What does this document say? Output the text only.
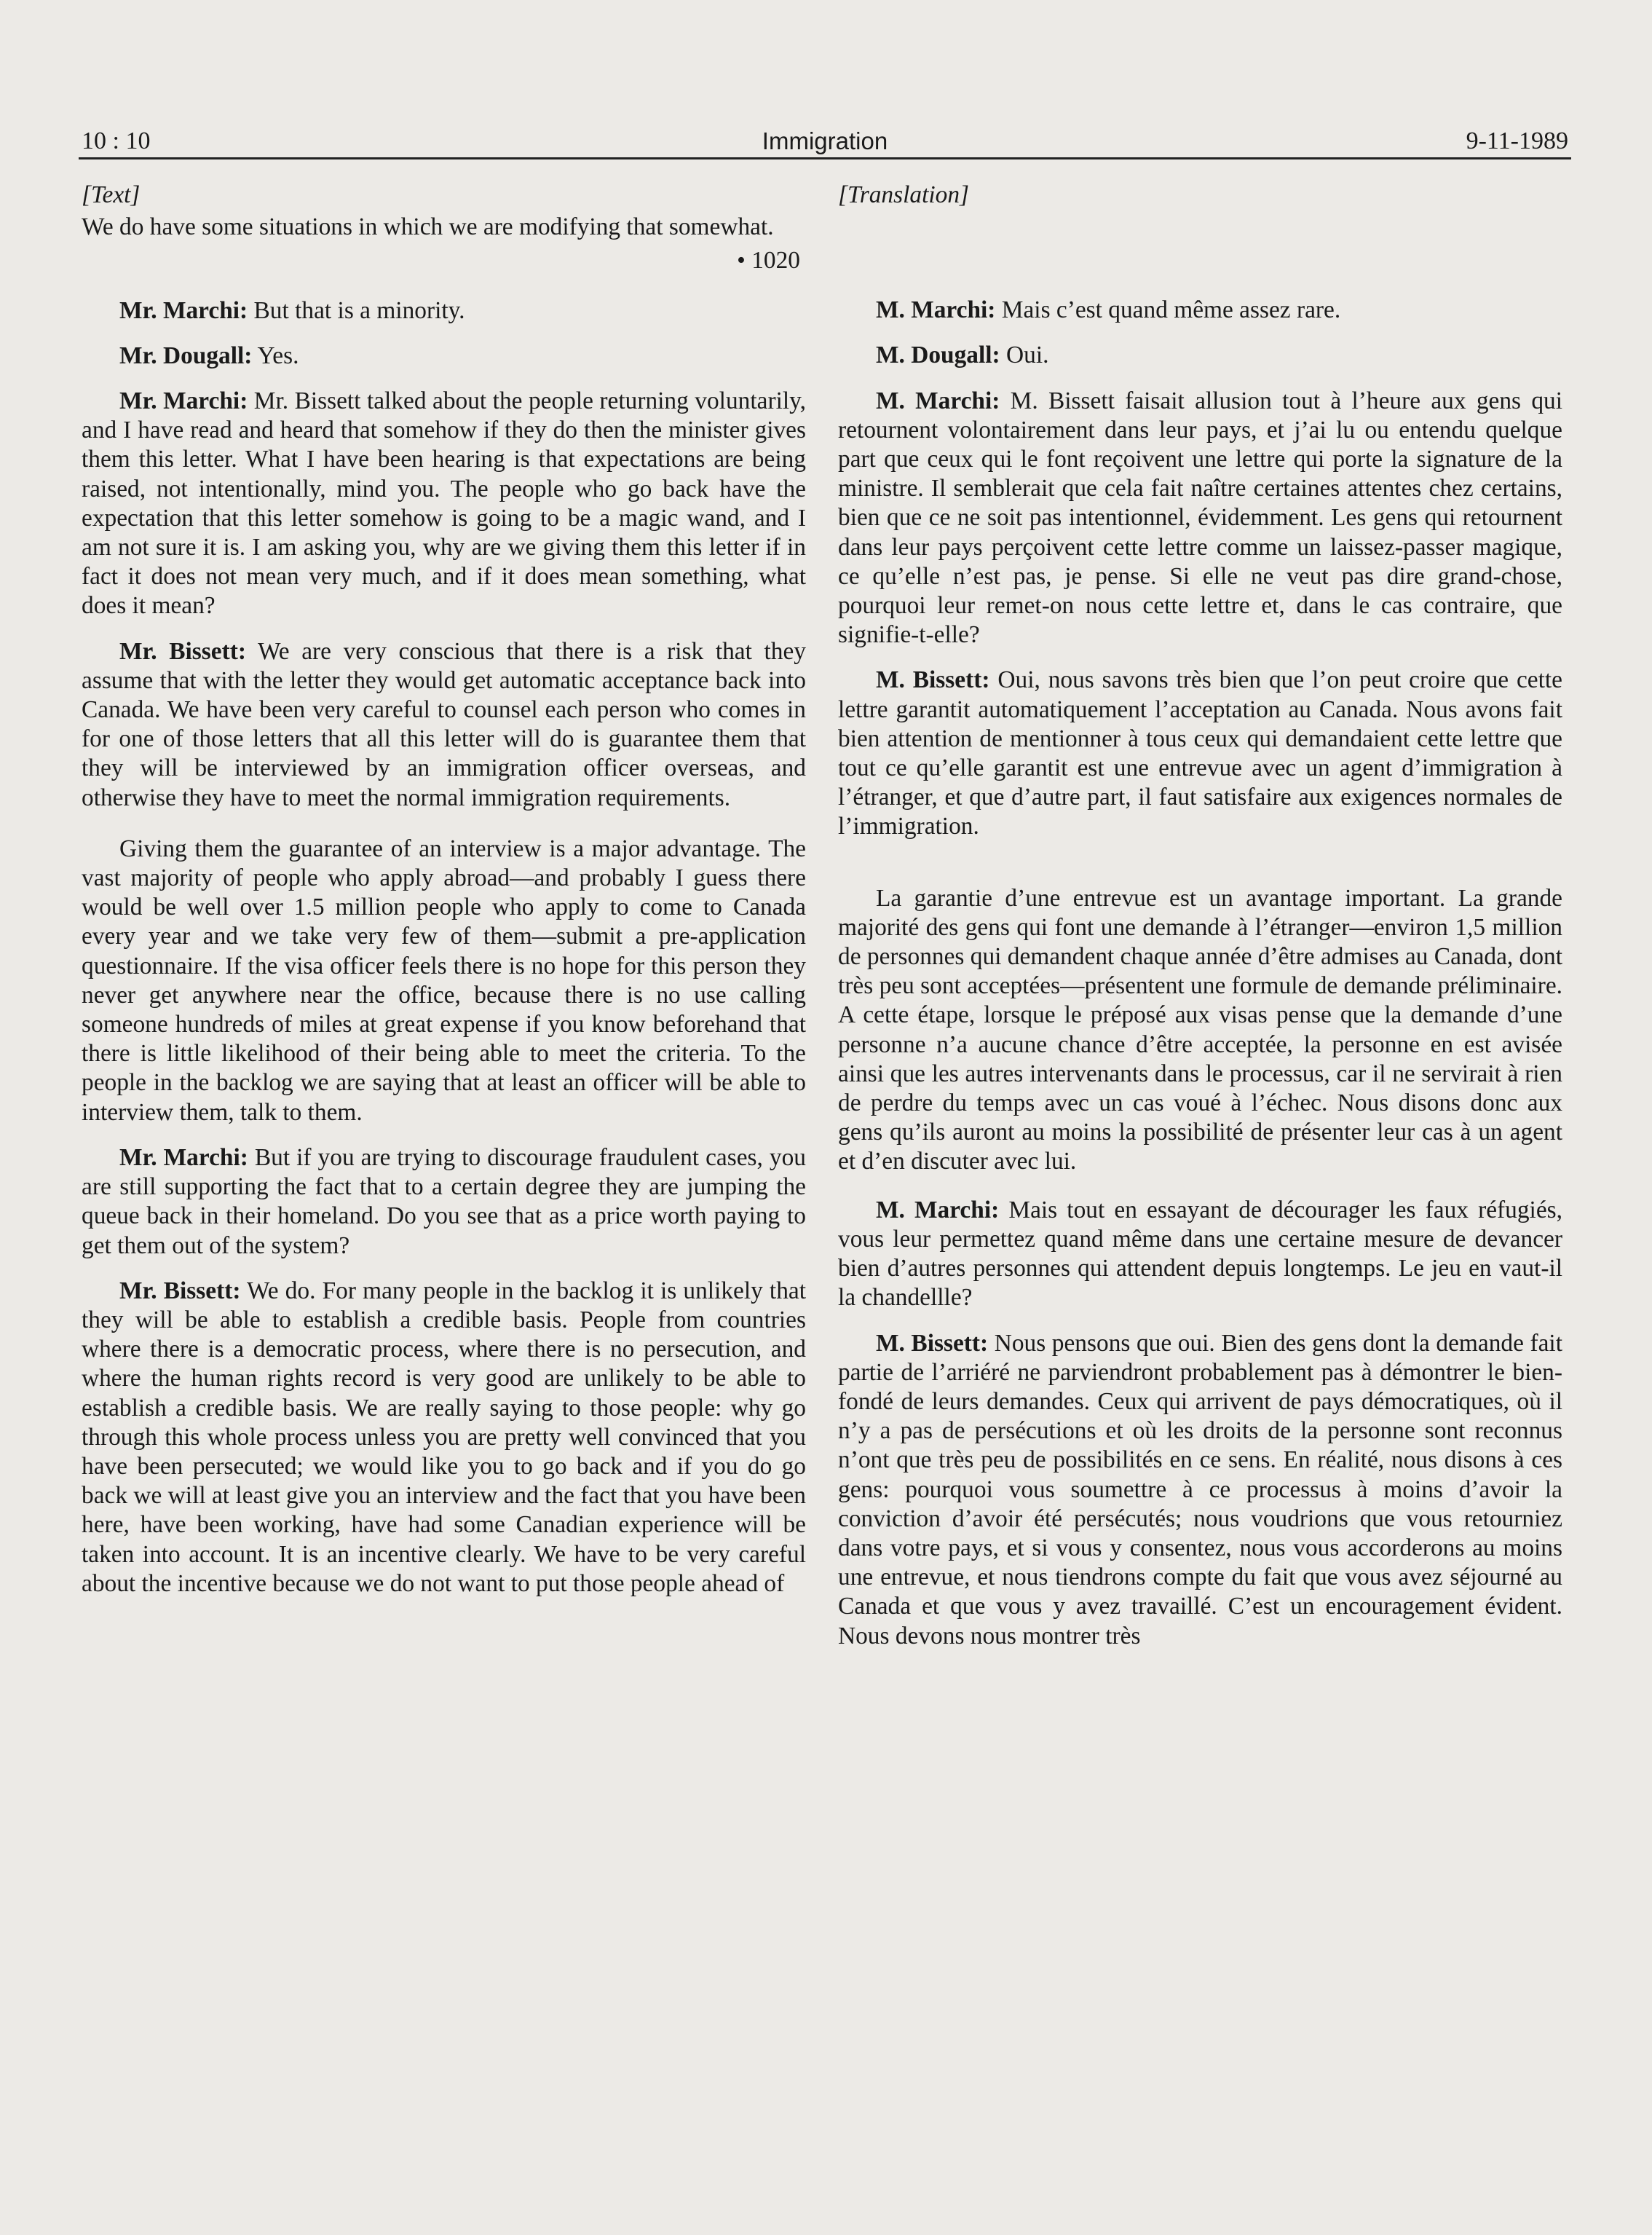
10 : 10	Immigration	9-11-1989
[Text]

We do have some situations in which we are modifying that somewhat.

• 1020

Mr. Marchi: But that is a minority.

Mr. Dougall: Yes.

Mr. Marchi: Mr. Bissett talked about the people returning voluntarily, and I have read and heard that somehow if they do then the minister gives them this letter. What I have been hearing is that expectations are being raised, not intentionally, mind you. The people who go back have the expectation that this letter somehow is going to be a magic wand, and I am not sure it is. I am asking you, why are we giving them this letter if in fact it does not mean very much, and if it does mean something, what does it mean?

Mr. Bissett: We are very conscious that there is a risk that they assume that with the letter they would get automatic acceptance back into Canada. We have been very careful to counsel each person who comes in for one of those letters that all this letter will do is guarantee them that they will be interviewed by an immigration officer overseas, and otherwise they have to meet the normal immigration requirements.

Giving them the guarantee of an interview is a major advantage. The vast majority of people who apply abroad—and probably I guess there would be well over 1.5 million people who apply to come to Canada every year and we take very few of them—submit a pre-application questionnaire. If the visa officer feels there is no hope for this person they never get anywhere near the office, because there is no use calling someone hundreds of miles at great expense if you know beforehand that there is little likelihood of their being able to meet the criteria. To the people in the backlog we are saying that at least an officer will be able to interview them, talk to them.

Mr. Marchi: But if you are trying to discourage fraudulent cases, you are still supporting the fact that to a certain degree they are jumping the queue back in their homeland. Do you see that as a price worth paying to get them out of the system?

Mr. Bissett: We do. For many people in the backlog it is unlikely that they will be able to establish a credible basis. People from countries where there is a democratic process, where there is no persecution, and where the human rights record is very good are unlikely to be able to establish a credible basis. We are really saying to those people: why go through this whole process unless you are pretty well convinced that you have been persecuted; we would like you to go back and if you do go back we will at least give you an interview and the fact that you have been here, have been working, have had some Canadian experience will be taken into account. It is an incentive clearly. We have to be very careful about the incentive because we do not want to put those people ahead of

[Translation]

M. Marchi: Mais c’est quand même assez rare.

M. Dougall: Oui.

M. Marchi: M. Bissett faisait allusion tout à l’heure aux gens qui retournent volontairement dans leur pays, et j’ai lu ou entendu quelque part que ceux qui le font reçoivent une lettre qui porte la signature de la ministre. Il semblerait que cela fait naître certaines attentes chez certains, bien que ce ne soit pas intentionnel, évidemment. Les gens qui retournent dans leur pays perçoivent cette lettre comme un laissez-passer magique, ce qu’elle n’est pas, je pense. Si elle ne veut pas dire grand-chose, pourquoi leur remet-on nous cette lettre et, dans le cas contraire, que signifie-t-elle?

M. Bissett: Oui, nous savons très bien que l’on peut croire que cette lettre garantit automatiquement l’acceptation au Canada. Nous avons fait bien attention de mentionner à tous ceux qui demandaient cette lettre que tout ce qu’elle garantit est une entrevue avec un agent d’immigration à l’étranger, et que d’autre part, il faut satisfaire aux exigences normales de l’immigration.

La garantie d’une entrevue est un avantage important. La grande majorité des gens qui font une demande à l’étranger—environ 1,5 million de personnes qui demandent chaque année d’être admises au Canada, dont très peu sont acceptées—présentent une formule de demande préliminaire. A cette étape, lorsque le préposé aux visas pense que la demande d’une personne n’a aucune chance d’être acceptée, la personne en est avisée ainsi que les autres intervenants dans le processus, car il ne servirait à rien de perdre du temps avec un cas voué à l’échec. Nous disons donc aux gens qu’ils auront au moins la possibilité de présenter leur cas à un agent et d’en discuter avec lui.

M. Marchi: Mais tout en essayant de décourager les faux réfugiés, vous leur permettez quand même dans une certaine mesure de devancer bien d’autres personnes qui attendent depuis longtemps. Le jeu en vaut-il la chandellle?

M. Bissett: Nous pensons que oui. Bien des gens dont la demande fait partie de l’arriéré ne parviendront probablement pas à démontrer le bien-fondé de leurs demandes. Ceux qui arrivent de pays démocratiques, où il n’y a pas de persécutions et où les droits de la personne sont reconnus n’ont que très peu de possibilités en ce sens. En réalité, nous disons à ces gens: pourquoi vous soumettre à ce processus à moins d’avoir la conviction d’avoir été persécutés; nous voudrions que vous retourniez dans votre pays, et si vous y consentez, nous vous accorderons au moins une entrevue, et nous tiendrons compte du fait que vous avez séjourné au Canada et que vous y avez travaillé. C’est un encouragement évident. Nous devons nous montrer très
